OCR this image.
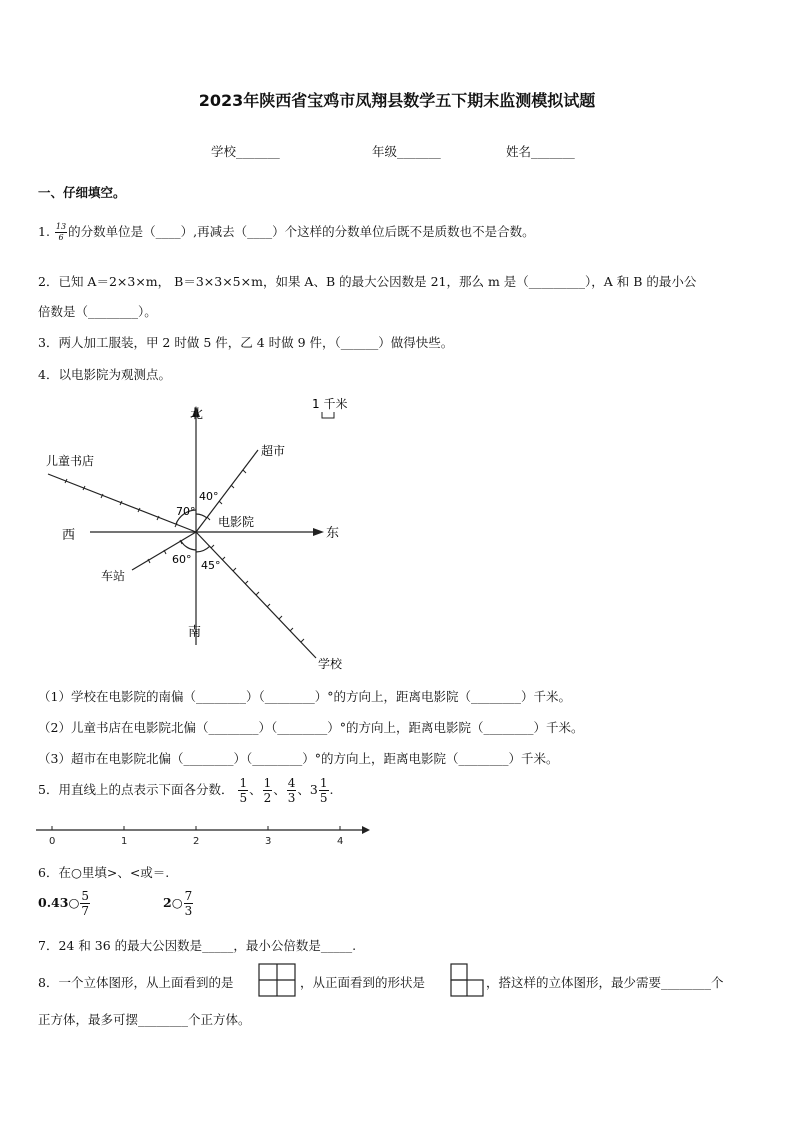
2023年陕西省宝鸡市凤翔县数学五下期末监测模拟试题
学校_______	年级_______	姓名_______
一、仔细填空。
1. $\frac{13}{6}$ 的分数单位是（____）,再减去（____）个这样的分数单位后既不是质数也不是合数。
2．已知 A＝2×3×m， B＝3×3×5×m，如果 A、B 的最大公因数是 21，那么 m 是（_________），A 和 B 的最小公
倍数是（________）。
3．两人加工服装，甲 2 时做 5 件，乙 4 时做 9 件，（______）做得快些。
4．以电影院为观测点。
1 千米
北
南
东
西
电影院
超市
儿童书店
车站
学校
40°
70°
60° 45°
（1）学校在电影院的南偏（________）（________）°的方向上，距离电影院（________）千米。
（2）儿童书店在电影院北偏（________）（________）°的方向上，距离电影院（________）千米。
（3）超市在电影院北偏（________）（________）°的方向上，距离电影院（________）千米。
5．用直线上的点表示下面各分数． $\frac{1}{5}$ 、 $\frac{1}{2}$ 、 $\frac{4}{3}$ 、$3 \frac{1}{5}$ .
0	1	2	3	4
6．在○里填>、<或＝.
0.43○ $\frac{5}{7}$	2○ $\frac{7}{3}$
7．24 和 36 的最大公因数是_____，最小公倍数是_____.
8．一个立体图形，从上面看到的是	，从正面看到的形状是	，搭这样的立体图形，最少需要________个
正方体，最多可摆________个正方体。
